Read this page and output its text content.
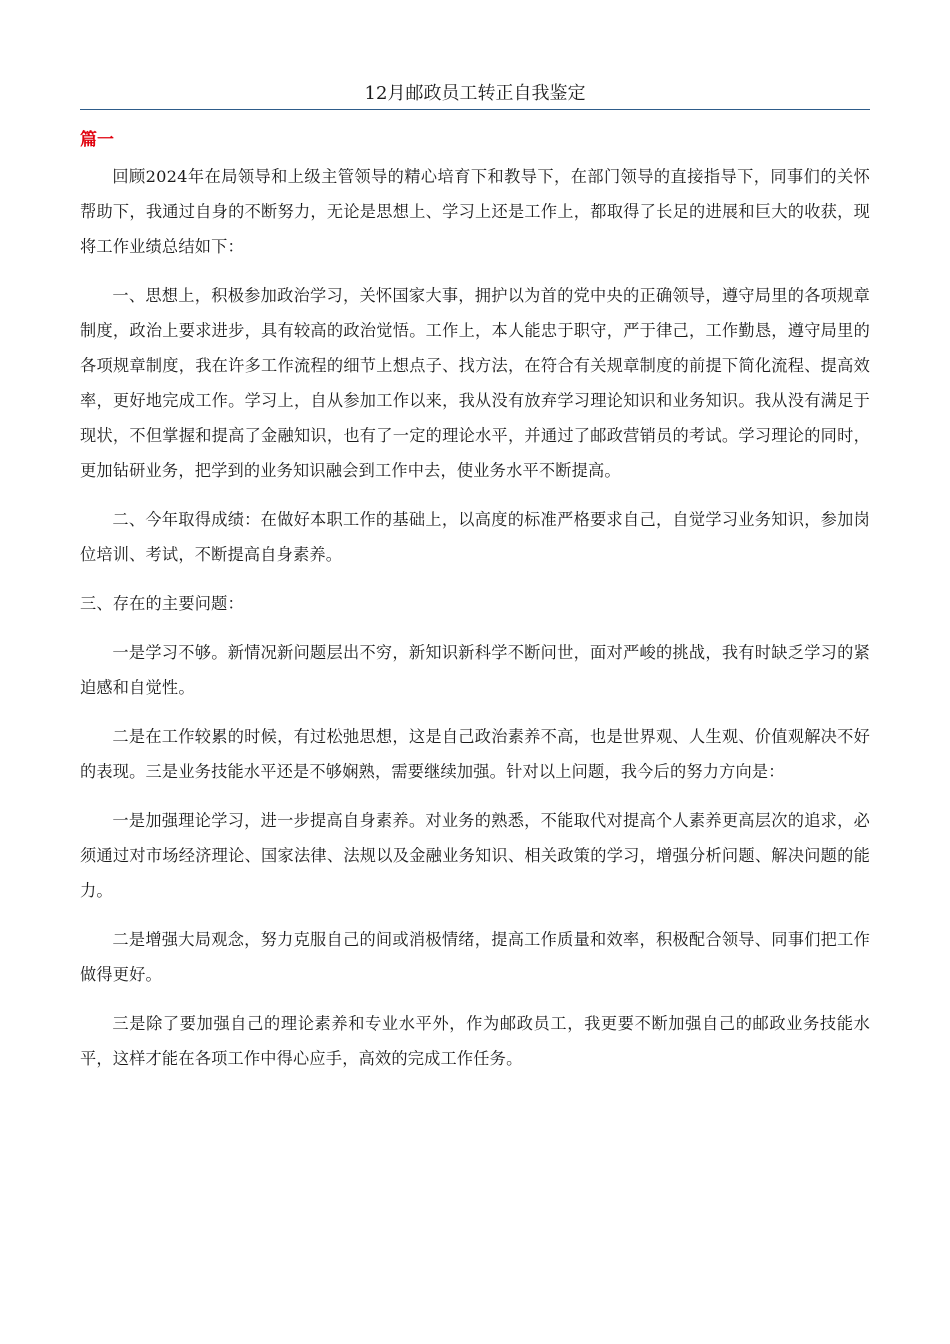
12月邮政员工转正自我鉴定
篇一

回顾2024年在局领导和上级主管领导的精心培育下和教导下，在部门领导的直接指导下，同事们的关怀帮助下，我通过自身的不断努力，无论是思想上、学习上还是工作上，都取得了长足的进展和巨大的收获，现将工作业绩总结如下：

一、思想上，积极参加政治学习，关怀国家大事，拥护以为首的党中央的正确领导，遵守局里的各项规章制度，政治上要求进步，具有较高的政治觉悟。工作上，本人能忠于职守，严于律己，工作勤恳，遵守局里的各项规章制度，我在许多工作流程的细节上想点子、找方法，在符合有关规章制度的前提下简化流程、提高效率，更好地完成工作。学习上，自从参加工作以来，我从没有放弃学习理论知识和业务知识。我从没有满足于现状，不但掌握和提高了金融知识，也有了一定的理论水平，并通过了邮政营销员的考试。学习理论的同时，更加钻研业务，把学到的业务知识融会到工作中去，使业务水平不断提高。

二、今年取得成绩：在做好本职工作的基础上，以高度的标准严格要求自己，自觉学习业务知识，参加岗位培训、考试，不断提高自身素养。

三、存在的主要问题：

一是学习不够。新情况新问题层出不穷，新知识新科学不断问世，面对严峻的挑战，我有时缺乏学习的紧迫感和自觉性。

二是在工作较累的时候，有过松弛思想，这是自己政治素养不高，也是世界观、人生观、价值观解决不好的表现。三是业务技能水平还是不够娴熟，需要继续加强。针对以上问题，我今后的努力方向是：

一是加强理论学习，进一步提高自身素养。对业务的熟悉，不能取代对提高个人素养更高层次的追求，必须通过对市场经济理论、国家法律、法规以及金融业务知识、相关政策的学习，增强分析问题、解决问题的能力。

二是增强大局观念，努力克服自己的间或消极情绪，提高工作质量和效率，积极配合领导、同事们把工作做得更好。

三是除了要加强自己的理论素养和专业水平外，作为邮政员工，我更要不断加强自己的邮政业务技能水平，这样才能在各项工作中得心应手，高效的完成工作任务。
